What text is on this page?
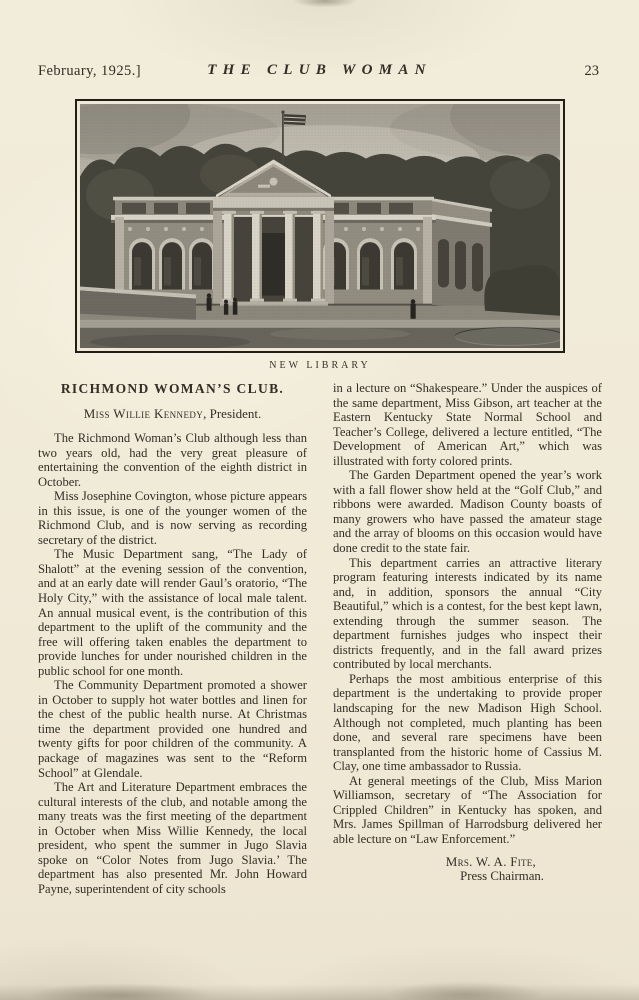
February, 1925.]	THE CLUB WOMAN	23
NEW LIBRARY
RICHMOND WOMAN’S CLUB.

Miss Willie Kennedy, President.

The Richmond Woman’s Club although less than two years old, had the very great pleasure of entertaining the convention of the eighth district in October.

Miss Josephine Covington, whose picture appears in this issue, is one of the younger women of the Richmond Club, and is now serving as recording secretary of the district.

The Music Department sang, “The Lady of Shalott” at the evening session of the convention, and at an early date will render Gaul’s oratorio, “The Holy City,” with the assistance of local male talent. An annual musical event, is the contribution of this department to the uplift of the community and the free will offering taken enables the department to provide lunches for under nourished children in the public school for one month.

The Community Department promoted a shower in October to supply hot water bottles and linen for the chest of the public health nurse. At Christmas time the department provided one hundred and twenty gifts for poor children of the community. A package of magazines was sent to the “Reform School” at Glendale.

The Art and Literature Department embraces the cultural interests of the club, and notable among the many treats was the first meeting of the department in October when Miss Willie Kennedy, the local president, who spent the summer in Jugo Slavia spoke on “Color Notes from Jugo Slavia.’ The department has also presented Mr. John Howard Payne, superintendent of city schools

in a lecture on “Shakespeare.” Under the auspices of the same department, Miss Gibson, art teacher at the Eastern Kentucky State Normal School and Teacher’s College, delivered a lecture entitled, “The Development of American Art,” which was illustrated with forty colored prints.

The Garden Department opened the year’s work with a fall flower show held at the “Golf Club,” and ribbons were awarded. Madison County boasts of many growers who have passed the amateur stage and the array of blooms on this occasion would have done credit to the state fair.

This department carries an attractive literary program featuring interests indicated by its name and, in addition, sponsors the annual “City Beautiful,” which is a contest, for the best kept lawn, extending through the summer season. The department furnishes judges who inspect their districts frequently, and in the fall award prizes contributed by local merchants.

Perhaps the most ambitious enterprise of this department is the undertaking to provide proper landscaping for the new Madison High School. Although not completed, much planting has been done, and several rare specimens have been transplanted from the historic home of Cassius M. Clay, one time ambassador to Russia.

At general meetings of the Club, Miss Marion Williamson, secretary of “The Association for Crippled Children” in Kentucky has spoken, and Mrs. James Spillman of Harrodsburg delivered her able lecture on “Law Enforcement.”

Mrs. W. A. Fite,
Press Chairman.
